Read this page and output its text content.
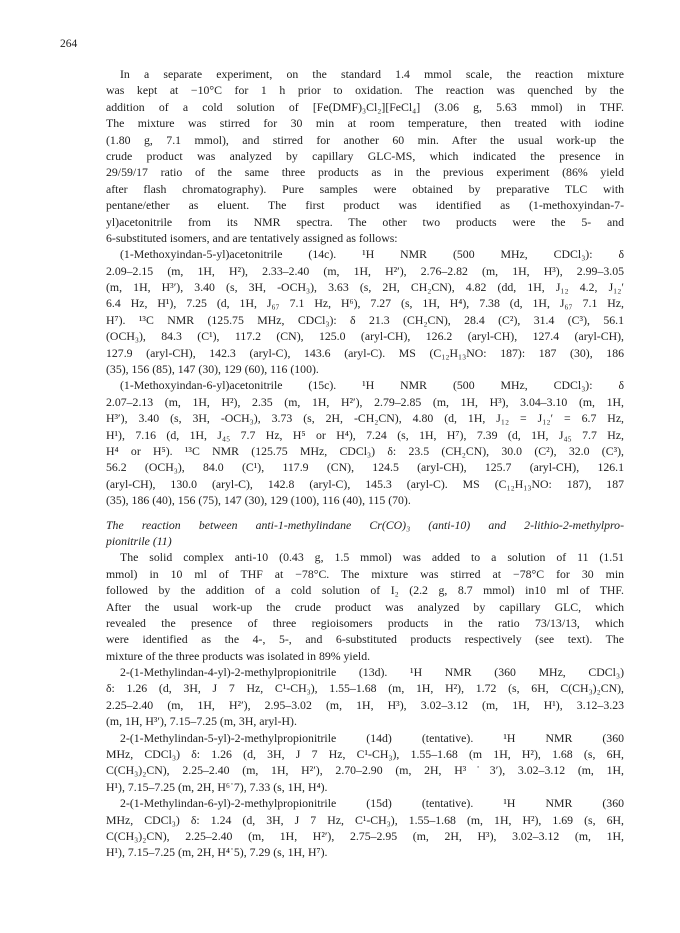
264
In a separate experiment, on the standard 1.4 mmol scale, the reaction mixture
was kept at −10°C for 1 h prior to oxidation. The reaction was quenched by the
addition of a cold solution of [Fe(DMF)₃Cl₂][FeCl₄] (3.06 g, 5.63 mmol) in THF.
The mixture was stirred for 30 min at room temperature, then treated with iodine
(1.80 g, 7.1 mmol), and stirred for another 60 min. After the usual work-up the
crude product was analyzed by capillary GLC-MS, which indicated the presence in
29/59/17 ratio of the same three products as in the previous experiment (86% yield
after flash chromatography). Pure samples were obtained by preparative TLC with
pentane/ether as eluent. The first product was identified as (1-methoxyindan-7-
yl)acetonitrile from its NMR spectra. The other two products were the 5- and
6-substituted isomers, and are tentatively assigned as follows:
(1-Methoxyindan-5-yl)acetonitrile (14c). ¹H NMR (500 MHz, CDCl₃): δ
2.09–2.15 (m, 1H, H²), 2.33–2.40 (m, 1H, H²′), 2.76–2.82 (m, 1H, H³), 2.99–3.05
(m, 1H, H³′), 3.40 (s, 3H, -OCH₃), 3.63 (s, 2H, CH₂CN), 4.82 (dd, 1H, J₁₂ 4.2, J₁₂′
6.4 Hz, H¹), 7.25 (d, 1H, J₆₇ 7.1 Hz, H⁶), 7.27 (s, 1H, H⁴), 7.38 (d, 1H, J₆₇ 7.1 Hz,
H⁷). ¹³C NMR (125.75 MHz, CDCl₃): δ 21.3 (CH₂CN), 28.4 (C²), 31.4 (C³), 56.1
(OCH₃), 84.3 (C¹), 117.2 (CN), 125.0 (aryl-CH), 126.2 (aryl-CH), 127.4 (aryl-CH),
127.9 (aryl-CH), 142.3 (aryl-C), 143.6 (aryl-C). MS (C₁₂H₁₃NO: 187): 187 (30), 186
(35), 156 (85), 147 (30), 129 (60), 116 (100).
(1-Methoxyindan-6-yl)acetonitrile (15c). ¹H NMR (500 MHz, CDCl₃): δ
2.07–2.13 (m, 1H, H²), 2.35 (m, 1H, H²′), 2.79–2.85 (m, 1H, H³), 3.04–3.10 (m, 1H,
H³′), 3.40 (s, 3H, -OCH₃), 3.73 (s, 2H, -CH₂CN), 4.80 (d, 1H, J₁₂ = J₁₂′ = 6.7 Hz,
H¹), 7.16 (d, 1H, J₄₅ 7.7 Hz, H⁵ or H⁴), 7.24 (s, 1H, H⁷), 7.39 (d, 1H, J₄₅ 7.7 Hz,
H⁴ or H⁵). ¹³C NMR (125.75 MHz, CDCl₃) δ: 23.5 (CH₂CN), 30.0 (C²), 32.0 (C³),
56.2 (OCH₃), 84.0 (C¹), 117.9 (CN), 124.5 (aryl-CH), 125.7 (aryl-CH), 126.1
(aryl-CH), 130.0 (aryl-C), 142.8 (aryl-C), 145.3 (aryl-C). MS (C₁₂H₁₃NO: 187), 187
(35), 186 (40), 156 (75), 147 (30), 129 (100), 116 (40), 115 (70).
The reaction between anti-1-methylindane Cr(CO)₃ (anti-10) and 2-lithio-2-methylpro-
pionitrile (11)
The solid complex anti-10 (0.43 g, 1.5 mmol) was added to a solution of 11 (1.51
mmol) in 10 ml of THF at −78°C. The mixture was stirred at −78°C for 30 min
followed by the addition of a cold solution of I₂ (2.2 g, 8.7 mmol) in10 ml of THF.
After the usual work-up the crude product was analyzed by capillary GLC, which
revealed the presence of three regioisomers products in the ratio 73/13/13, which
were identified as the 4-, 5-, and 6-substituted products respectively (see text). The
mixture of the three products was isolated in 89% yield.
2-(1-Methylindan-4-yl)-2-methylpropionitrile (13d). ¹H NMR (360 MHz, CDCl₃)
δ: 1.26 (d, 3H, J 7 Hz, C¹-CH₃), 1.55–1.68 (m, 1H, H²), 1.72 (s, 6H, C(CH₃)₂CN),
2.25–2.40 (m, 1H, H²′), 2.95–3.02 (m, 1H, H³), 3.02–3.12 (m, 1H, H¹), 3.12–3.23
(m, 1H, H³′), 7.15–7.25 (m, 3H, aryl-H).
2-(1-Methylindan-5-yl)-2-methylpropionitrile (14d) (tentative). ¹H NMR (360
MHz, CDCl₃) δ: 1.26 (d, 3H, J 7 Hz, C¹-CH₃), 1.55–1.68 (m 1H, H²), 1.68 (s, 6H,
C(CH₃)₂CN), 2.25–2.40 (m, 1H, H²′), 2.70–2.90 (m, 2H, H³˙3′), 3.02–3.12 (m, 1H,
H¹), 7.15–7.25 (m, 2H, H⁶˙7), 7.33 (s, 1H, H⁴).
2-(1-Methylindan-6-yl)-2-methylpropionitrile (15d) (tentative). ¹H NMR (360
MHz, CDCl₃) δ: 1.24 (d, 3H, J 7 Hz, C¹-CH₃), 1.55–1.68 (m, 1H, H²), 1.69 (s, 6H,
C(CH₃)₂CN), 2.25–2.40 (m, 1H, H²′), 2.75–2.95 (m, 2H, H³), 3.02–3.12 (m, 1H,
H¹), 7.15–7.25 (m, 2H, H⁴˙5), 7.29 (s, 1H, H⁷).
